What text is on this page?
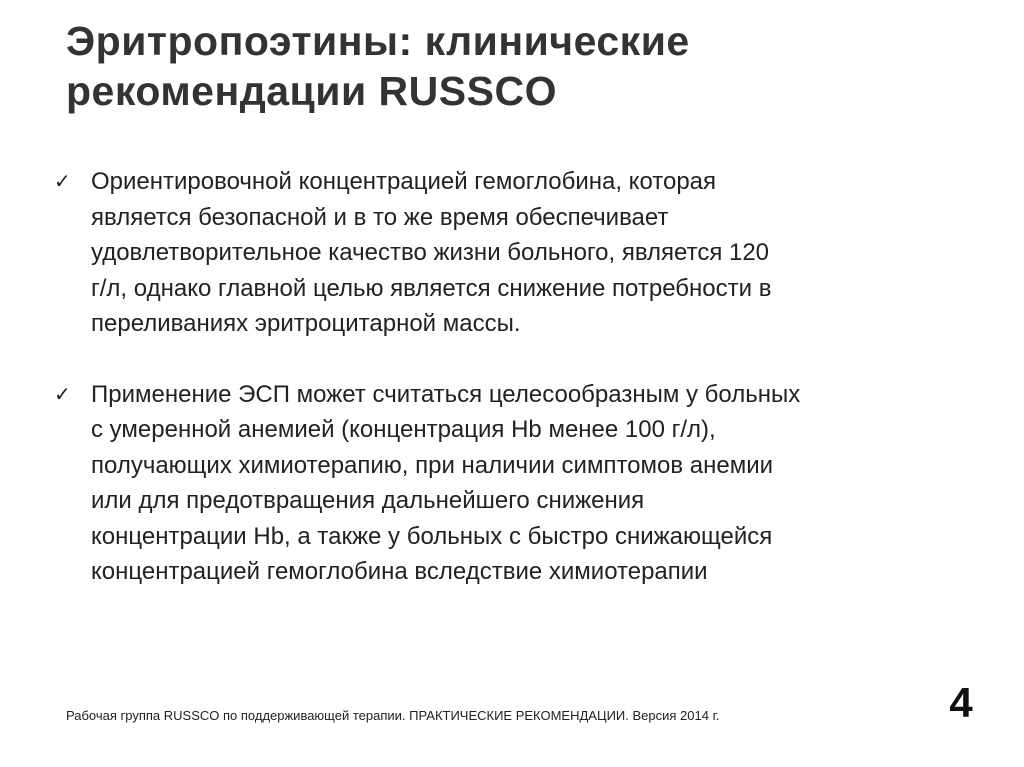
Эритропоэтины: клинические
рекомендации RUSSCO
✓ Ориентировочной концентрацией гемоглобина, которая
является безопасной и в то же время обеспечивает
удовлетворительное качество жизни больного, является 120
г/л, однако главной целью является снижение потребности в
переливаниях эритроцитарной массы.
✓ Применение ЭСП может считаться целесообразным у больных
с умеренной анемией (концентрация Hb менее 100 г/л),
получающих химиотерапию, при наличии симптомов анемии
или для предотвращения дальнейшего снижения
концентрации Hb, а также у больных с быстро снижающейся
концентрацией гемоглобина вследствие химиотерапии
Рабочая группа RUSSCO по поддерживающей терапии. ПРАКТИЧЕСКИЕ РЕКОМЕНДАЦИИ. Версия 2014 г.	4
